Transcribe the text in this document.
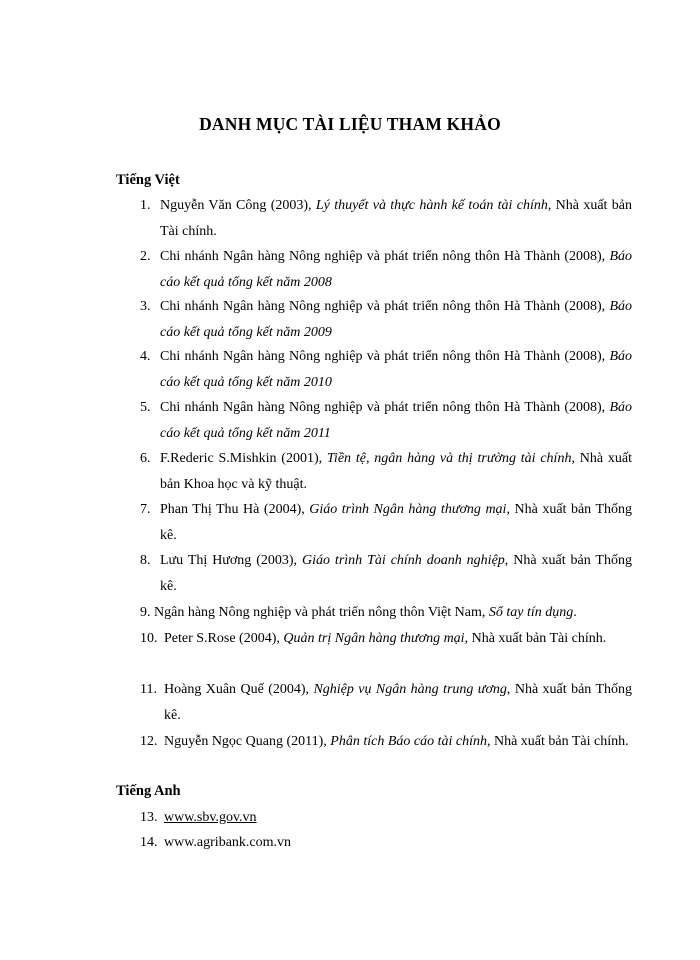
DANH MỤC TÀI LIỆU THAM KHẢO
Tiếng Việt
1. Nguyễn Văn Công (2003), Lý thuyết và thực hành kế toán tài chính, Nhà xuất bản Tài chính.
2. Chi nhánh Ngân hàng Nông nghiệp và phát triển nông thôn Hà Thành (2008), Báo cáo kết quả tổng kết năm 2008
3. Chi nhánh Ngân hàng Nông nghiệp và phát triển nông thôn Hà Thành (2008), Báo cáo kết quả tổng kết năm 2009
4. Chi nhánh Ngân hàng Nông nghiệp và phát triển nông thôn Hà Thành (2008), Báo cáo kết quả tổng kết năm 2010
5. Chi nhánh Ngân hàng Nông nghiệp và phát triển nông thôn Hà Thành (2008), Báo cáo kết quả tổng kết năm 2011
6. F.Rederic S.Mishkin (2001), Tiền tệ, ngân hàng và thị trường tài chính, Nhà xuất bản Khoa học và kỹ thuật.
7. Phan Thị Thu Hà (2004), Giáo trình Ngân hàng thương mại, Nhà xuất bản Thống kê.
8. Lưu Thị Hương (2003), Giáo trình Tài chính doanh nghiệp, Nhà xuất bản Thống kê.
9. Ngân hàng Nông nghiệp và phát triển nông thôn Việt Nam, Sổ tay tín dụng.
10. Peter S.Rose (2004), Quản trị Ngân hàng thương mại, Nhà xuất bản Tài chính.
11. Hoàng Xuân Quế (2004), Nghiệp vụ Ngân hàng trung ương, Nhà xuất bản Thống kê.
12. Nguyễn Ngọc Quang (2011), Phân tích Báo cáo tài chính, Nhà xuất bản Tài chính.
Tiếng Anh
13. www.sbv.gov.vn
14. www.agribank.com.vn
